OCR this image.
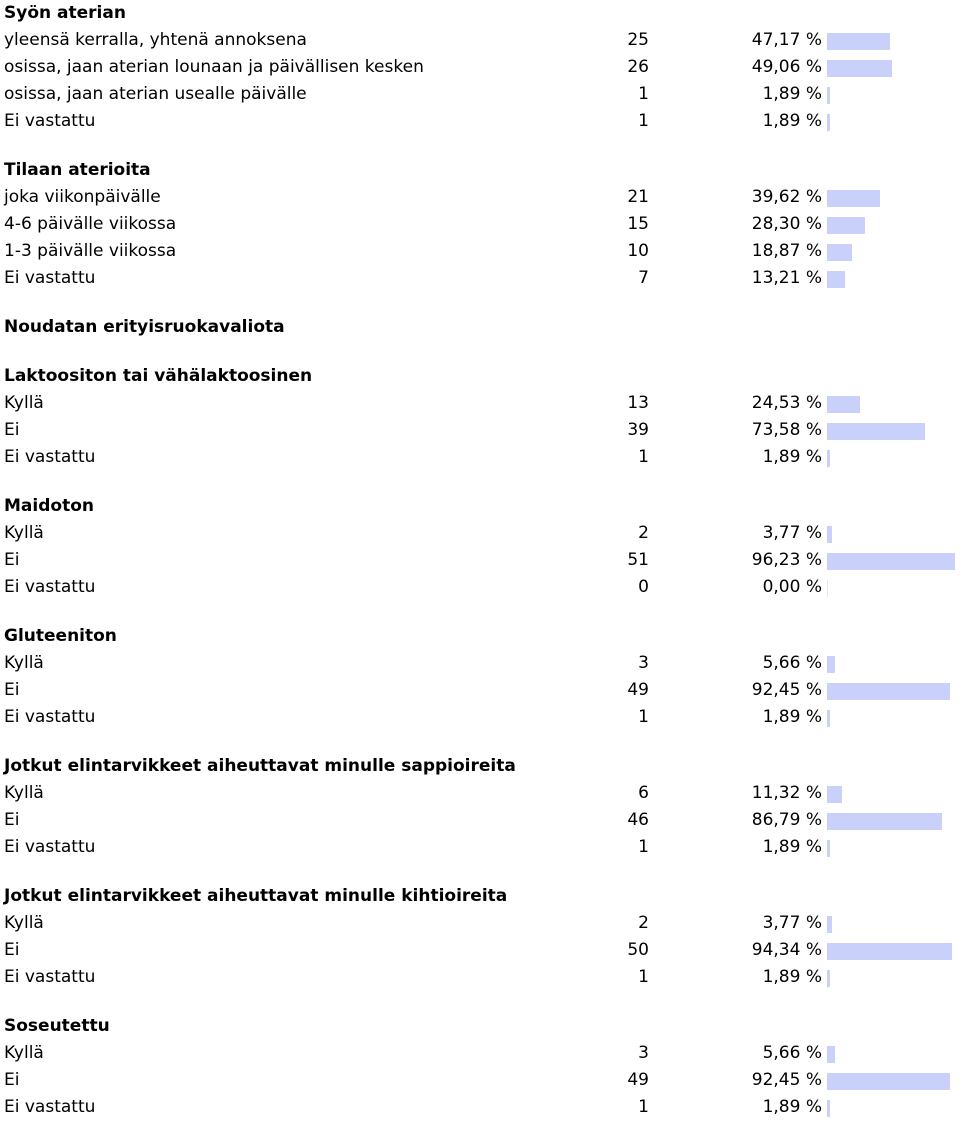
Syön aterian
yleensä kerralla, yhtenä annoksena	25	47,17 %
osissa, jaan aterian lounaan ja päivällisen kesken	26	49,06 %
osissa, jaan aterian usealle päivälle	1	1,89 %
Ei vastattu	1	1,89 %
Tilaan aterioita
joka viikonpäivälle	21	39,62 %
4-6 päivälle viikossa	15	28,30 %
1-3 päivälle viikossa	10	18,87 %
Ei vastattu	7	13,21 %
Noudatan erityisruokavaliota
Laktoositon tai vähälaktoosinen
Kyllä	13	24,53 %
Ei	39	73,58 %
Ei vastattu	1	1,89 %
Maidoton
Kyllä	2	3,77 %
Ei	51	96,23 %
Ei vastattu	0	0,00 %
Gluteeniton
Kyllä	3	5,66 %
Ei	49	92,45 %
Ei vastattu	1	1,89 %
Jotkut elintarvikkeet aiheuttavat minulle sappioireita
Kyllä	6	11,32 %
Ei	46	86,79 %
Ei vastattu	1	1,89 %
Jotkut elintarvikkeet aiheuttavat minulle kihtioireita
Kyllä	2	3,77 %
Ei	50	94,34 %
Ei vastattu	1	1,89 %
Soseutettu
Kyllä	3	5,66 %
Ei	49	92,45 %
Ei vastattu	1	1,89 %
